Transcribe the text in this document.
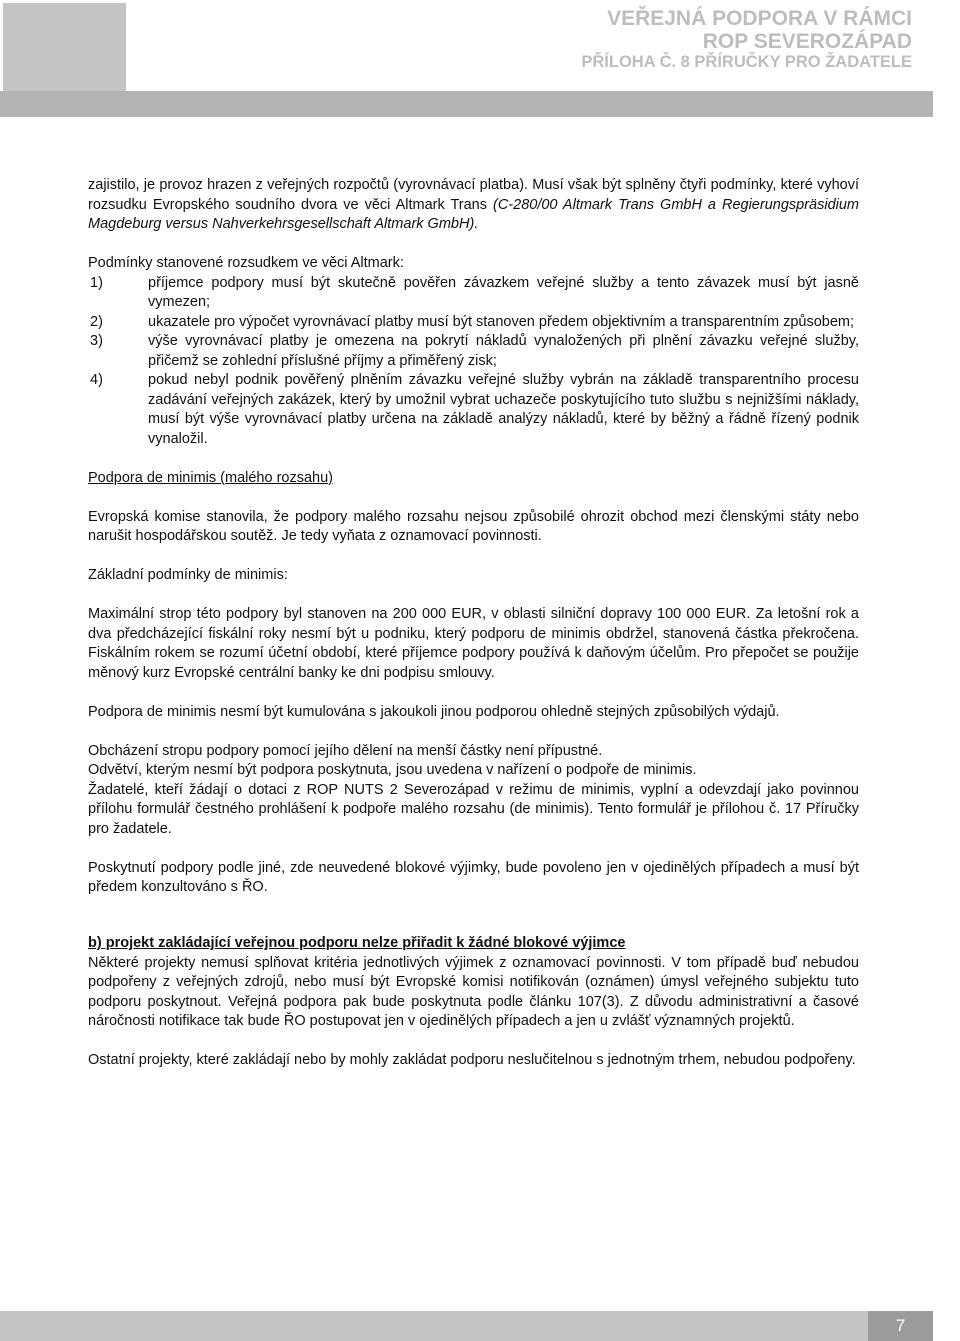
VEŘEJNÁ PODPORA V RÁMCI
ROP SEVEROZÁPAD
PŘÍLOHA Č. 8 PŘÍRUČKY PRO ŽADATELE

zajistilo, je provoz hrazen z veřejných rozpočtů (vyrovnávací platba). Musí však být splněny čtyři podmínky, které vyhoví rozsudku Evropského soudního dvora ve věci Altmark Trans (C-280/00 Altmark Trans GmbH a Regierungspräsidium Magdeburg versus Nahverkehrsgesellschaft Altmark GmbH).

Podmínky stanovené rozsudkem ve věci Altmark:

1)	příjemce podpory musí být skutečně pověřen závazkem veřejné služby a tento závazek musí být jasně vymezen;
2)	ukazatele pro výpočet vyrovnávací platby musí být stanoven předem objektivním a transparentním způsobem;
3)	výše vyrovnávací platby je omezena na pokrytí nákladů vynaložených při plnění závazku veřejné služby, přičemž se zohlední příslušné příjmy a přiměřený zisk;
4)	pokud nebyl podnik pověřený plněním závazku veřejné služby vybrán na základě transparentního procesu zadávání veřejných zakázek, který by umožnil vybrat uchazeče poskytujícího tuto službu s nejnižšími náklady, musí být výše vyrovnávací platby určena na základě analýzy nákladů, které by běžný a řádně řízený podnik vynaložil.

Podpora de minimis (malého rozsahu)

Evropská komise stanovila, že podpory malého rozsahu nejsou způsobilé ohrozit obchod mezi členskými státy nebo narušit hospodářskou soutěž. Je tedy vyňata z oznamovací povinnosti.

Základní podmínky de minimis:

Maximální strop této podpory byl stanoven na 200 000 EUR, v oblasti silniční dopravy 100 000 EUR. Za letošní rok a dva předcházející fiskální roky nesmí být u podniku, který podporu de minimis obdržel, stanovená částka překročena. Fiskálním rokem se rozumí účetní období, které příjemce podpory používá k daňovým účelům. Pro přepočet se použije měnový kurz Evropské centrální banky ke dni podpisu smlouvy.

Podpora de minimis nesmí být kumulována s jakoukoli jinou podporou ohledně stejných způsobilých výdajů.

Obcházení stropu podpory pomocí jejího dělení na menší částky není přípustné.

Odvětví, kterým nesmí být podpora poskytnuta, jsou uvedena v nařízení o podpoře de minimis.

Žadatelé, kteří žádají o dotaci z ROP NUTS 2 Severozápad v režimu de minimis, vyplní a odevzdají jako povinnou přílohu formulář čestného prohlášení k podpoře malého rozsahu (de minimis). Tento formulář je přílohou č. 17 Příručky pro žadatele.

Poskytnutí podpory podle jiné, zde neuvedené blokové výjimky, bude povoleno jen v ojedinělých případech a musí být předem konzultováno s ŘO.

b) projekt zakládající veřejnou podporu nelze přiřadit k žádné blokové výjimce

Některé projekty nemusí splňovat kritéria jednotlivých výjimek z oznamovací povinnosti. V tom případě buď nebudou podpořeny z veřejných zdrojů, nebo musí být Evropské komisi notifikován (oznámen) úmysl veřejného subjektu tuto podporu poskytnout. Veřejná podpora pak bude poskytnuta podle článku 107(3). Z důvodu administrativní a časové náročnosti notifikace tak bude ŘO postupovat jen v ojedinělých případech a jen u zvlášť významných projektů.

Ostatní projekty, které zakládají nebo by mohly zakládat podporu neslučitelnou s jednotným trhem, nebudou podpořeny.

7
